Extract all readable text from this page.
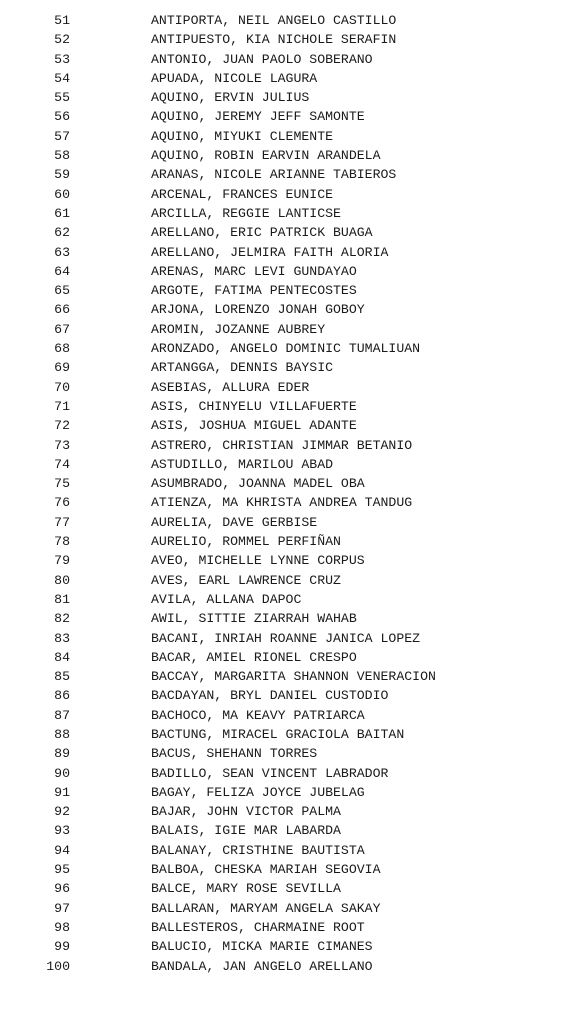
51	ANTIPORTA, NEIL ANGELO CASTILLO
52	ANTIPUESTO, KIA NICHOLE SERAFIN
53	ANTONIO, JUAN PAOLO SOBERANO
54	APUADA, NICOLE LAGURA
55	AQUINO, ERVIN JULIUS
56	AQUINO, JEREMY JEFF SAMONTE
57	AQUINO, MIYUKI CLEMENTE
58	AQUINO, ROBIN EARVIN ARANDELA
59	ARANAS, NICOLE ARIANNE TABIEROS
60	ARCENAL, FRANCES EUNICE
61	ARCILLA, REGGIE LANTICSE
62	ARELLANO, ERIC PATRICK BUAGA
63	ARELLANO, JELMIRA FAITH ALORIA
64	ARENAS, MARC LEVI GUNDAYAO
65	ARGOTE, FATIMA PENTECOSTES
66	ARJONA, LORENZO JONAH GOBOY
67	AROMIN, JOZANNE AUBREY
68	ARONZADO, ANGELO DOMINIC TUMALIUAN
69	ARTANGGA, DENNIS BAYSIC
70	ASEBIAS, ALLURA EDER
71	ASIS, CHINYELU VILLAFUERTE
72	ASIS, JOSHUA MIGUEL ADANTE
73	ASTRERO, CHRISTIAN JIMMAR BETANIO
74	ASTUDILLO, MARILOU ABAD
75	ASUMBRADO, JOANNA MADEL OBA
76	ATIENZA, MA KHRISTA ANDREA TANDUG
77	AURELIA, DAVE GERBISE
78	AURELIO, ROMMEL PERFIÑAN
79	AVEO, MICHELLE LYNNE CORPUS
80	AVES, EARL LAWRENCE CRUZ
81	AVILA, ALLANA DAPOC
82	AWIL, SITTIE ZIARRAH WAHAB
83	BACANI, INRIAH ROANNE JANICA LOPEZ
84	BACAR, AMIEL RIONEL CRESPO
85	BACCAY, MARGARITA SHANNON VENERACION
86	BACDAYAN, BRYL DANIEL CUSTODIO
87	BACHOCO, MA KEAVY PATRIARCA
88	BACTUNG, MIRACEL GRACIOLA BAITAN
89	BACUS, SHEHANN TORRES
90	BADILLO, SEAN VINCENT LABRADOR
91	BAGAY, FELIZA JOYCE JUBELAG
92	BAJAR, JOHN VICTOR PALMA
93	BALAIS, IGIE MAR LABARDA
94	BALANAY, CRISTHINE BAUTISTA
95	BALBOA, CHESKA MARIAH SEGOVIA
96	BALCE, MARY ROSE SEVILLA
97	BALLARAN, MARYAM ANGELA SAKAY
98	BALLESTEROS, CHARMAINE ROOT
99	BALUCIO, MICKA MARIE CIMANES
100	BANDALA, JAN ANGELO ARELLANO
